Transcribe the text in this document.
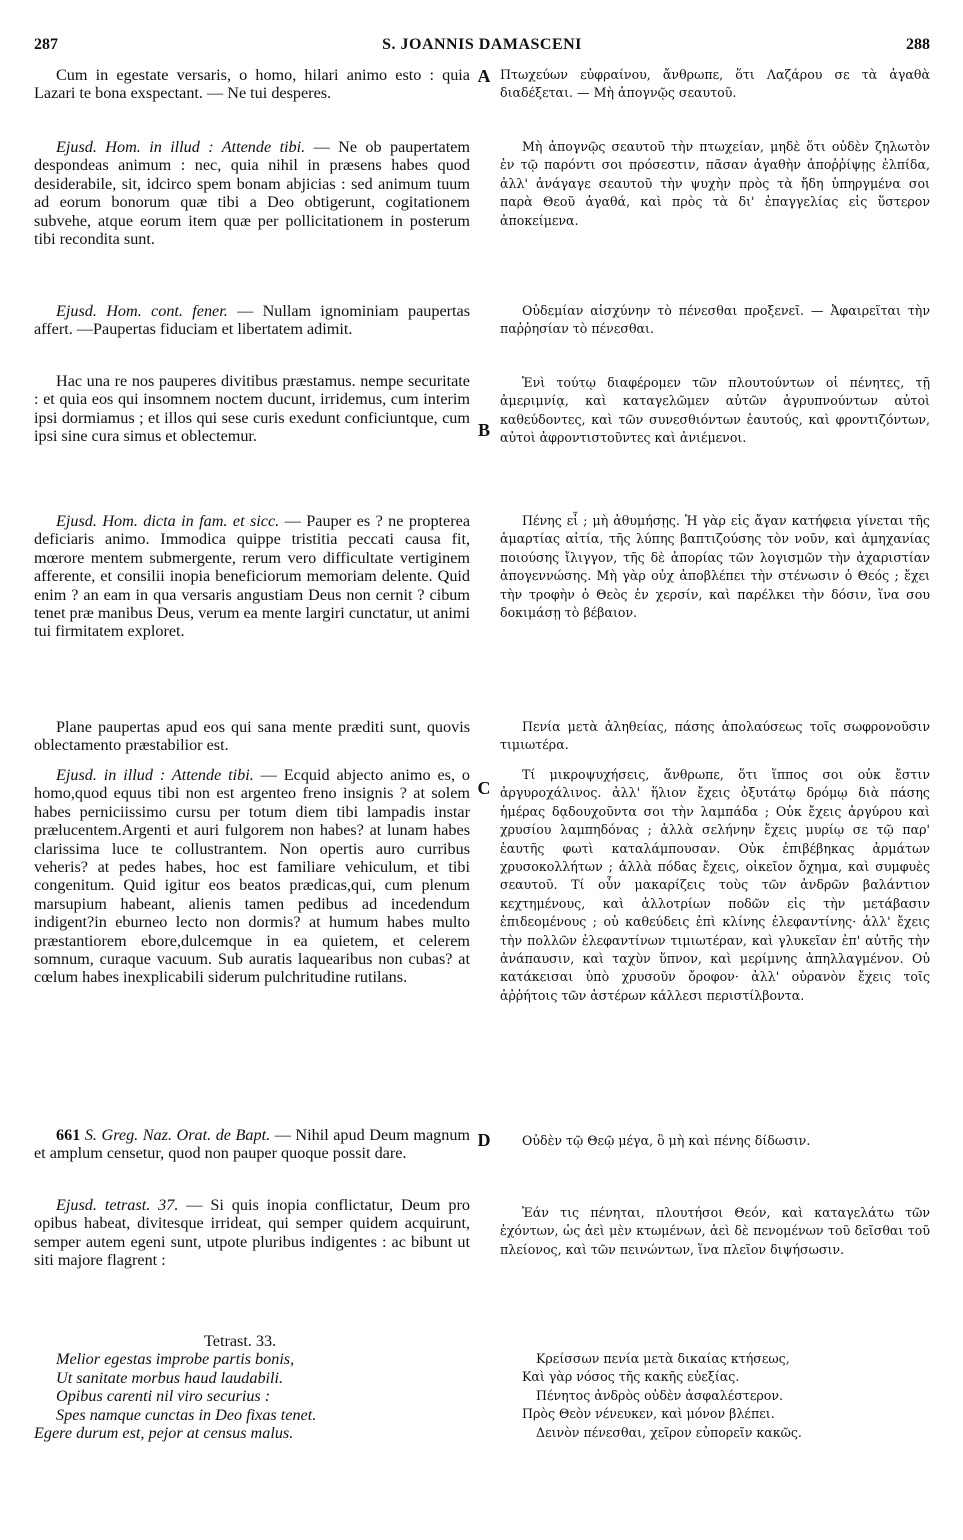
287	S. JOANNIS DAMASCENI	288
A
B
C
D

Cum in egestate versaris, o homo, hilari animo esto : quia Lazari te bona exspectant. — Ne tui desperes.

Ejusd. Hom. in illud : Attende tibi. — Ne ob paupertatem despondeas animum : nec, quia nihil in præsens habes quod desiderabile, sit, idcirco spem bonam abjicias : sed animum tuum ad eorum bonorum quæ tibi a Deo obtigerunt, cogitationem subvehe, atque eorum item quæ per pollicitationem in posterum tibi recondita sunt.

Ejusd. Hom. cont. fener. — Nullam ignominiam paupertas affert. —Paupertas fiduciam et libertatem adimit.

Hac una re nos pauperes divitibus præstamus. nempe securitate : et quia eos qui insomnem noctem ducunt, irridemus, cum interim ipsi dormiamus ; et illos qui sese curis exedunt conficiuntque, cum ipsi sine cura simus et oblectemur.

Ejusd. Hom. dicta in fam. et sicc. — Pauper es ? ne propterea deficiaris animo. Immodica quippe tristitia peccati causa fit, mœrore mentem submergente, rerum vero difficultate vertiginem afferente, et consilii inopia beneficiorum memoriam delente. Quid enim ? an eam in qua versaris angustiam Deus non cernit ? cibum tenet præ manibus Deus, verum ea mente largiri cunctatur, ut animi tui firmitatem exploret.

Plane paupertas apud eos qui sana mente præditi sunt, quovis oblectamento præstabilior est.

Ejusd. in illud : Attende tibi. — Ecquid abjecto animo es, o homo,quod equus tibi non est argenteo freno insignis ? at solem habes perniciissimo cursu per totum diem tibi lampadis instar prælucentem.Argenti et auri fulgorem non habes? at lunam habes clarissima luce te collustrantem. Non opertis auro curribus veheris? at pedes habes, hoc est familiare vehiculum, et tibi congenitum. Quid igitur eos beatos prædicas,qui, cum plenum marsupium habeant, alienis tamen pedibus ad incedendum indigent?in eburneo lecto non dormis? at humum habes multo præstantiorem ebore,dulcemque in ea quietem, et celerem somnum, curaque vacuum. Sub auratis laquearibus non cubas? at cœlum habes inexplicabili siderum pulchritudine rutilans.

661 S. Greg. Naz. Orat. de Bapt. — Nihil apud Deum magnum et amplum censetur, quod non pauper quoque possit dare.

Ejusd. tetrast. 37. — Si quis inopia conflictatur, Deum pro opibus habeat, divitesque irrideat, qui semper quidem acquirunt, semper autem egeni sunt, utpote pluribus indigentes : ac bibunt ut siti majore flagrent :

Tetrast. 33.
Melior egestas improbe partis bonis,
Ut sanitate morbus haud laudabili.
Opibus carenti nil viro securius :
Spes namque cunctas in Deo fixas tenet.
Egere durum est, pejor at census malus.

Πτωχεύων εὐφραίνου, ἄνθρωπε, ὅτι Λαζάρου σε τὰ ἀγαθὰ διαδέξεται. — Μὴ ἀπογνῷς σεαυτοῦ.

Μὴ ἀπογνῷς σεαυτοῦ τὴν πτωχείαν, μηδὲ ὅτι οὐδὲν ζηλωτὸν ἐν τῷ παρόντι σοι πρόσεστιν, πᾶσαν ἀγαθὴν ἀποῤῥίψῃς ἐλπίδα, ἀλλ' ἀνάγαγε σεαυτοῦ τὴν ψυχὴν πρὸς τὰ ἤδη ὑπηργμένα σοι παρὰ Θεοῦ ἀγαθά, καὶ πρὸς τὰ δι' ἐπαγγελίας εἰς ὕστερον ἀποκείμενα.

Οὐδεμίαν αἰσχύνην τὸ πένεσθαι προξενεῖ. — Ἀφαιρεῖται τὴν παῤῥησίαν τὸ πένεσθαι.

Ἑνὶ τούτῳ διαφέρομεν τῶν πλουτούντων οἱ πένητες, τῇ ἀμεριμνίᾳ, καὶ καταγελῶμεν αὐτῶν ἀγρυπνούντων αὐτοὶ καθεύδοντες, καὶ τῶν συνεσθιόντων ἑαυτούς, καὶ φροντιζόντων, αὐτοὶ ἀφροντιστοῦντες καὶ ἀνιέμενοι.

Πένης εἶ ; μὴ ἀθυμήσῃς. Ἡ γὰρ εἰς ἄγαν κατήφεια γίνεται τῆς ἁμαρτίας αἰτία, τῆς λύπης βαπτιζούσης τὸν νοῦν, καὶ ἀμηχανίας ποιούσης ἴλιγγον, τῆς δὲ ἀπορίας τῶν λογισμῶν τὴν ἀχαριστίαν ἀπογεννώσης. Μὴ γὰρ οὐχ ἀποβλέπει τὴν στένωσιν ὁ Θεός ; ἔχει τὴν τροφὴν ὁ Θεὸς ἐν χερσίν, καὶ παρέλκει τὴν δόσιν, ἵνα σου δοκιμάσῃ τὸ βέβαιον.

Πενία μετὰ ἀληθείας, πάσης ἀπολαύσεως τοῖς σωφρονοῦσιν τιμιωτέρα.

Τί μικροψυχήσεις, ἄνθρωπε, ὅτι ἵππος σοι οὐκ ἔστιν ἀργυροχάλινος. ἀλλ' ἥλιον ἔχεις ὀξυτάτῳ δρόμῳ διὰ πάσης ἡμέρας δᾳδουχοῦντα σοι τὴν λαμπάδα ; Οὐκ ἔχεις ἀργύρου καὶ χρυσίου λαμπηδόνας ; ἀλλὰ σελήνην ἔχεις μυρίῳ σε τῷ παρ' ἑαυτῆς φωτὶ καταλάμπουσαν. Οὐκ ἐπιβέβηκας ἁρμάτων χρυσοκολλήτων ; ἀλλὰ πόδας ἔχεις, οἰκεῖον ὄχημα, καὶ συμφυὲς σεαυτοῦ. Τί οὖν μακαρίζεις τοὺς τῶν ἀνδρῶν βαλάντιον κεχτημένους, καὶ ἀλλοτρίων ποδῶν εἰς τὴν μετάβασιν ἐπιδεομένους ; οὐ καθεύδεις ἐπὶ κλίνης ἐλεφαντίνης· ἀλλ' ἔχεις τὴν πολλῶν ἐλεφαντίνων τιμιωτέραν, καὶ γλυκεῖαν ἐπ' αὐτῆς τὴν ἀνάπαυσιν, καὶ ταχὺν ὕπνον, καὶ μερίμνης ἀπηλλαγμένον. Οὐ κατάκεισαι ὑπὸ χρυσοῦν ὄροφον· ἀλλ' οὐρανὸν ἔχεις τοῖς ἀῤῥήτοις τῶν ἀστέρων κάλλεσι περιστίλβοντα.

Οὐδὲν τῷ Θεῷ μέγα, ὃ μὴ καὶ πένης δίδωσιν.

Ἐάν τις πένηται, πλουτήσοι Θεόν, καὶ καταγελάτω τῶν ἐχόντων, ὡς ἀεὶ μὲν κτωμένων, ἀεὶ δὲ πενομένων τοῦ δεῖσθαι τοῦ πλείονος, καὶ τῶν πεινώντων, ἵνα πλεῖον διψήσωσιν.

Κρείσσων πενία μετὰ δικαίας κτήσεως,
Καὶ γὰρ νόσος τῆς κακῆς εὐεξίας.
Πένητος ἀνδρὸς οὐδὲν ἀσφαλέστερον.
Πρὸς Θεὸν νένευκεν, καὶ μόνον βλέπει.
Δεινὸν πένεσθαι, χεῖρον εὐπορεῖν κακῶς.
